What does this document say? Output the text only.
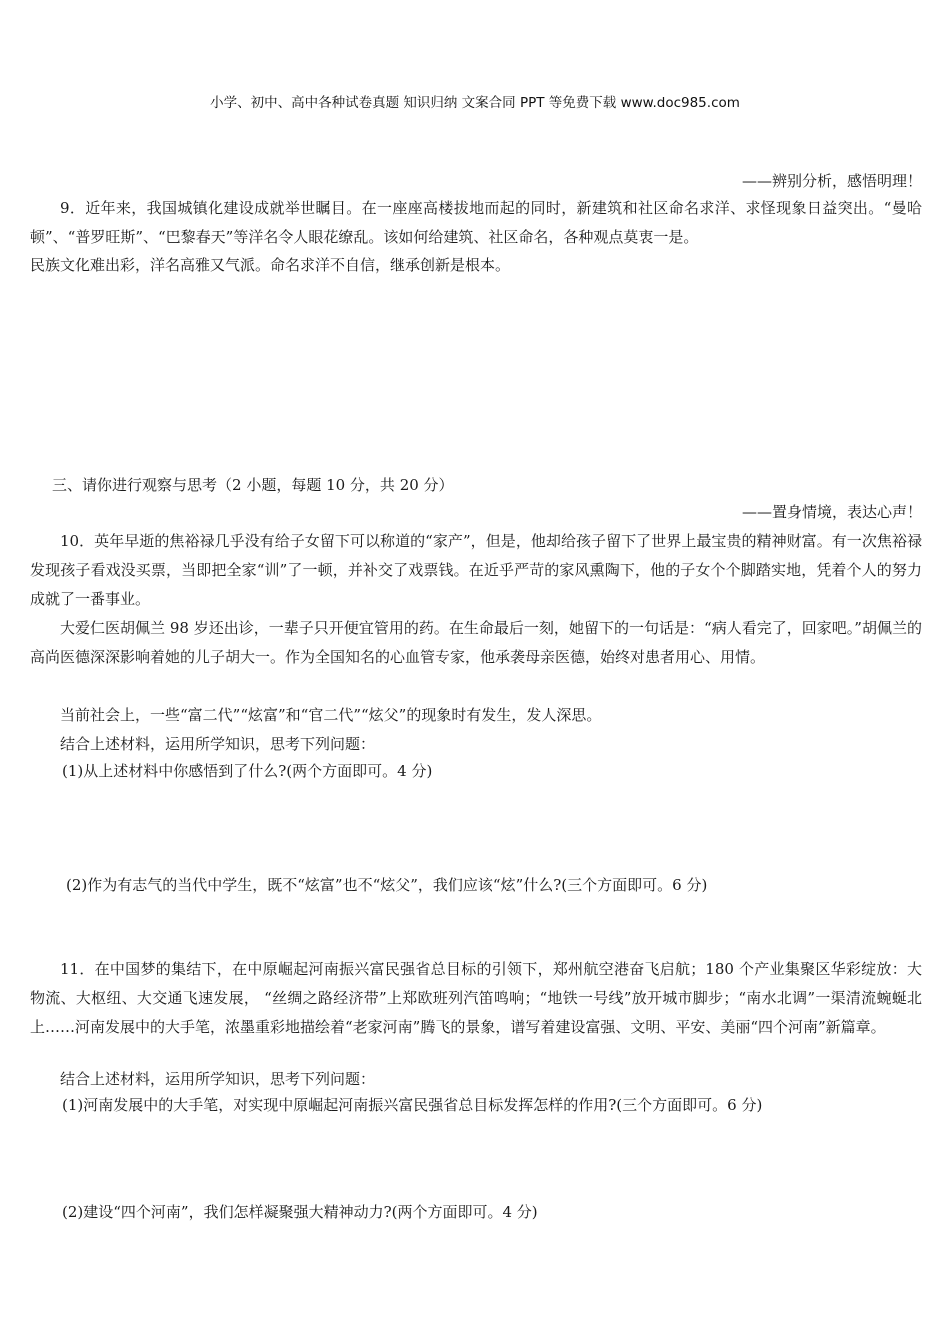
小学、初中、高中各种试卷真题 知识归纳 文案合同 PPT 等免费下载 www.doc985.com
——辨别分析，感悟明理！
9．近年来，我国城镇化建设成就举世瞩目。在一座座高楼拔地而起的同时，新建筑和社区命名求洋、求怪现象日益突出。“曼哈顿”、“普罗旺斯”、“巴黎春天”等洋名令人眼花缭乱。该如何给建筑、社区命名，各种观点莫衷一是。
民族文化难出彩，洋名高雅又气派。命名求洋不自信，继承创新是根本。
三、请你进行观察与思考（2 小题，每题 10 分，共 20 分）
——置身情境，表达心声！
10．英年早逝的焦裕禄几乎没有给子女留下可以称道的“家产”，但是，他却给孩子留下了世界上最宝贵的精神财富。有一次焦裕禄发现孩子看戏没买票，当即把全家“训”了一顿，并补交了戏票钱。在近乎严苛的家风熏陶下，他的子女个个脚踏实地，凭着个人的努力成就了一番事业。
大爱仁医胡佩兰 98 岁还出诊，一辈子只开便宜管用的药。在生命最后一刻，她留下的一句话是：“病人看完了，回家吧。”胡佩兰的高尚医德深深影响着她的儿子胡大一。作为全国知名的心血管专家，他承袭母亲医德，始终对患者用心、用情。
当前社会上，一些“富二代”“炫富”和“官二代”“炫父”的现象时有发生，发人深思。
结合上述材料，运用所学知识，思考下列问题：
(1)从上述材料中你感悟到了什么?(两个方面即可。4 分)
(2)作为有志气的当代中学生，既不“炫富”也不“炫父”，我们应该“炫”什么?(三个方面即可。6 分)
11．在中国梦的集结下，在中原崛起河南振兴富民强省总目标的引领下，郑州航空港奋飞启航；180 个产业集聚区华彩绽放：大物流、大枢纽、大交通飞速发展， “丝绸之路经济带”上郑欧班列汽笛鸣响；“地铁一号线”放开城市脚步；“南水北调”一渠清流蜿蜒北上……河南发展中的大手笔，浓墨重彩地描绘着“老家河南”腾飞的景象，谱写着建设富强、文明、平安、美丽“四个河南”新篇章。
结合上述材料，运用所学知识，思考下列问题：
(1)河南发展中的大手笔，对实现中原崛起河南振兴富民强省总目标发挥怎样的作用?(三个方面即可。6 分)
(2)建设“四个河南”，我们怎样凝聚强大精神动力?(两个方面即可。4 分)
